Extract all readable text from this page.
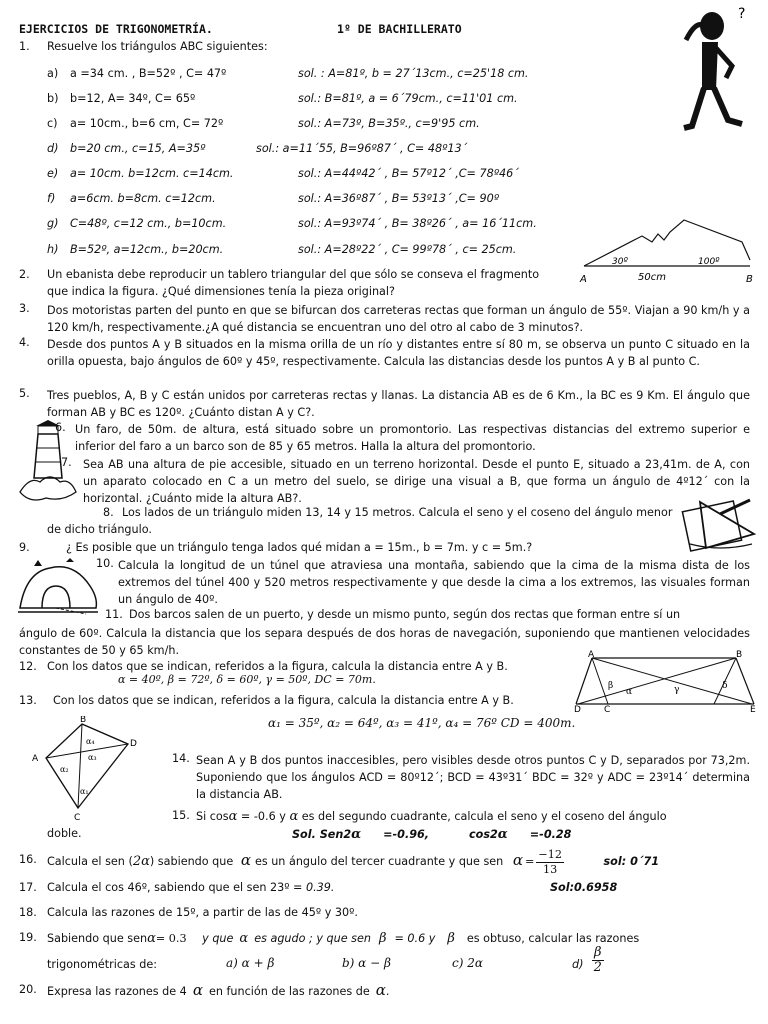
EJERCICIOS DE TRIGONOMETRÍA.	1º DE BACHILLERATO
?
1. Resuelve los triángulos ABC siguientes:
a) a =34 cm. , B=52º , C= 47º	sol. : A=81º, b = 27´13cm., c=25'18 cm.
b) b=12, A= 34º, C= 65º	sol.: B=81º, a = 6´79cm., c=11'01 cm.
c) a= 10cm., b=6 cm, C= 72º	sol.: A=73º, B=35º., c=9'95 cm.
d) b=20 cm., c=15, A=35º	sol.: a=11´55, B=96º87´ , C= 48º13´
e) a= 10cm. b=12cm. c=14cm.	sol.: A=44º42´ , B= 57º12´ ,C= 78º46´
f) a=6cm. b=8cm. c=12cm.	sol.: A=36º87´ , B= 53º13´ ,C= 90º
g) C=48º, c=12 cm., b=10cm.	sol.: A=93º74´ , B= 38º26´ , a= 16´11cm.
h) B=52º, a=12cm., b=20cm.	sol.: A=28º22´ , C= 99º78´ , c= 25cm.
30º	100º
50cm
A	B
2. Un ebanista debe reproducir un tablero triangular del que sólo se conseva el fragmento
que indica la figura. ¿Qué dimensiones tenía la pieza original?
3. Dos motoristas parten del punto en que se bifurcan dos carreteras rectas que forman un ángulo de 55º. Viajan a 90 km/h y a 120 km/h, respectivamente.¿A qué distancia se encuentran uno del otro al cabo de 3 minutos?.
4. Desde dos puntos A y B situados en la misma orilla de un río y distantes entre sí 80 m, se observa un punto C situado en la orilla opuesta, bajo ángulos de 60º y 45º, respectivamente. Calcula las distancias desde los puntos A y B al punto C.
5. Tres pueblos, A, B y C están unidos por carreteras rectas y llanas. La distancia AB es de 6 Km., la BC es 9 Km. El ángulo que forman AB y BC es 120º. ¿Cuánto distan A y C?.
6. Un faro, de 50m. de altura, está situado sobre un promontorio. Las respectivas distancias del extremo superior e inferior del faro a un barco son de 85 y 65 metros. Halla la altura del promontorio.
7. Sea AB una altura de pie accesible, situado en un terreno horizontal. Desde el punto E, situado a 23,41m. de A, con un aparato colocado en C a un metro del suelo, se dirige una visual a B, que forma un ángulo de 4º12´ con la horizontal. ¿Cuánto mide la altura AB?.
8. Los lados de un triángulo miden 13, 14 y 15 metros. Calcula el seno y el coseno del ángulo menor
de dicho triángulo.
9.	¿ Es posible que un triángulo tenga lados qué midan a = 15m., b = 7m. y c = 5m.?
10. Calcula la longitud de un túnel que atraviesa una montaña, sabiendo que la cima de la misma dista de los extremos del túnel 400 y 520 metros respectivamente y que desde la cima a los extremos, las visuales forman un ángulo de 40º.
11. Dos barcos salen de un puerto, y desde un mismo punto, según dos rectas que forman entre sí un
ángulo de 60º. Calcula la distancia que los separa después de dos horas de navegación, suponiendo que mantienen velocidades constantes de 50 y 65 km/h.	A	B
C
D	E
β
α	γ	δ
12. Con los datos que se indican, referidos a la figura, calcula la distancia entre A y B.
α = 40º, β = 72º, δ = 60º, γ = 50º, DC = 70m.
13. Con los datos que se indican, referidos a la figura, calcula la distancia entre A y B.
α₁ = 35º, α₂ = 64º, α₃ = 41º, α₄ = 76º CD = 400m.
A
B
C
D
α₄
α₃
α₂
α₁
14. Sean A y B dos puntos inaccesibles, pero visibles desde otros puntos C y D, separados por 73,2m. Suponiendo que los ángulos ACD = 80º12´; BCD = 43º31´ BDC = 32º y ADC = 23º14´ determina la distancia AB.
15. Si cosα = -0.6 y α es del segundo cuadrante, calcula el seno y el coseno del ángulo
doble.	Sol. Sen2α =-0.96,	cos2α =-0.28
16. Calcula el sen (2α) sabiendo que α es un ángulo del tercer cuadrante y que sen $\alpha = \frac{-12}{13}$	sol: 0´71
17. Calcula el cos 46º, sabiendo que el sen 23º = 0.39.	Sol:0.6958
18. Calcula las razones de 15º, a partir de las de 45º y 30º.
19. Sabiendo que senα= 0.3 y que α es agudo ; y que sen β = 0.6 y β es obtuso, calcular las razones
trigonométricas de:	a) α + β	b) α − β	c) 2α	$d) \frac{\beta}{2}$
20. Expresa las razones de 4 α en función de las razones de α.
